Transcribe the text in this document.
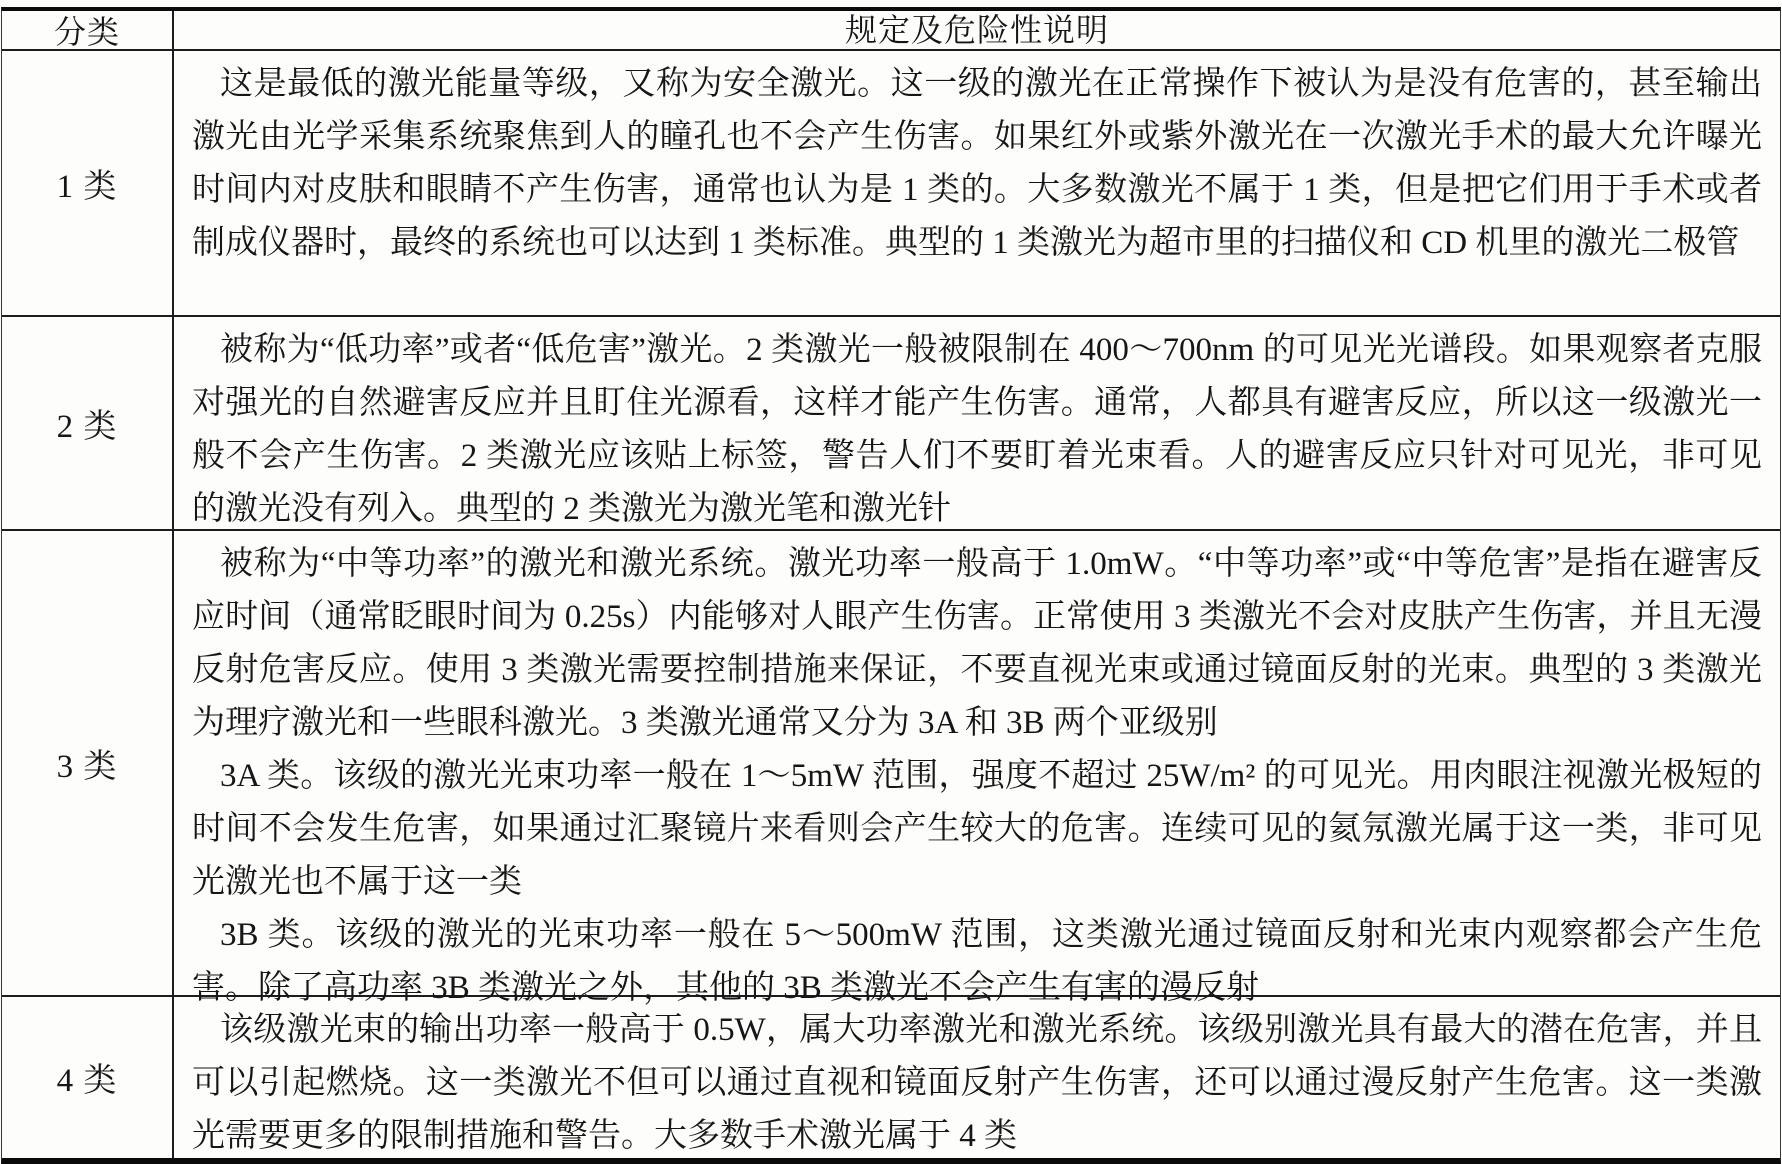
分类	规定及危险性说明
1 类

这是最低的激光能量等级，又称为安全激光。这一级的激光在正常操作下被认为是没有危害的，甚至输出激光由光学采集系统聚焦到人的瞳孔也不会产生伤害。如果红外或紫外激光在一次激光手术的最大允许曝光时间内对皮肤和眼睛不产生伤害，通常也认为是 1 类的。大多数激光不属于 1 类，但是把它们用于手术或者制成仪器时，最终的系统也可以达到 1 类标准。典型的 1 类激光为超市里的扫描仪和 CD 机里的激光二极管

2 类

被称为“低功率”或者“低危害”激光。2 类激光一般被限制在 400～700nm 的可见光光谱段。如果观察者克服对强光的自然避害反应并且盯住光源看，这样才能产生伤害。通常，人都具有避害反应，所以这一级激光一般不会产生伤害。2 类激光应该贴上标签，警告人们不要盯着光束看。人的避害反应只针对可见光，非可见的激光没有列入。典型的 2 类激光为激光笔和激光针

3 类

被称为“中等功率”的激光和激光系统。激光功率一般高于 1.0mW。“中等功率”或“中等危害”是指在避害反应时间（通常眨眼时间为 0.25s）内能够对人眼产生伤害。正常使用 3 类激光不会对皮肤产生伤害，并且无漫反射危害反应。使用 3 类激光需要控制措施来保证，不要直视光束或通过镜面反射的光束。典型的 3 类激光为理疗激光和一些眼科激光。3 类激光通常又分为 3A 和 3B 两个亚级别

3A 类。该级的激光光束功率一般在 1～5mW 范围，强度不超过 25W/m² 的可见光。用肉眼注视激光极短的时间不会发生危害，如果通过汇聚镜片来看则会产生较大的危害。连续可见的氦氖激光属于这一类，非可见光激光也不属于这一类

3B 类。该级的激光的光束功率一般在 5～500mW 范围，这类激光通过镜面反射和光束内观察都会产生危害。除了高功率 3B 类激光之外，其他的 3B 类激光不会产生有害的漫反射

4 类

该级激光束的输出功率一般高于 0.5W，属大功率激光和激光系统。该级别激光具有最大的潜在危害，并且可以引起燃烧。这一类激光不但可以通过直视和镜面反射产生伤害，还可以通过漫反射产生危害。这一类激光需要更多的限制措施和警告。大多数手术激光属于 4 类
